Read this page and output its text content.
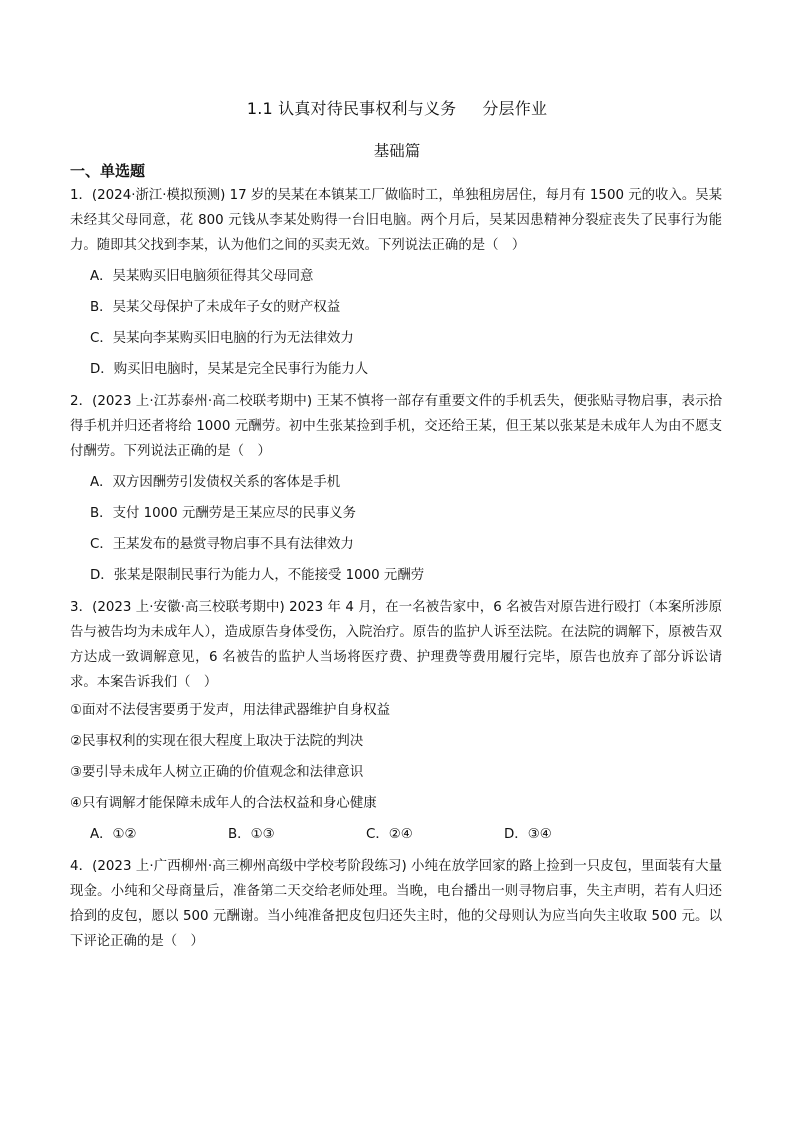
1.1 认真对待民事权利与义务 分层作业
基础篇
一、单选题

1．(2024·浙江·模拟预测) 17 岁的吴某在本镇某工厂做临时工，单独租房居住，每月有 1500 元的收入。吴某未经其父母同意，花 800 元钱从李某处购得一台旧电脑。两个月后，吴某因患精神分裂症丧失了民事行为能力。随即其父找到李某，认为他们之间的买卖无效。下列说法正确的是（　）

A．吴某购买旧电脑须征得其父母同意

B．吴某父母保护了未成年子女的财产权益

C．吴某向李某购买旧电脑的行为无法律效力

D．购买旧电脑时，吴某是完全民事行为能力人

2．(2023 上·江苏泰州·高二校联考期中) 王某不慎将一部存有重要文件的手机丢失，便张贴寻物启事，表示拾得手机并归还者将给 1000 元酬劳。初中生张某捡到手机，交还给王某，但王某以张某是未成年人为由不愿支付酬劳。下列说法正确的是（　）

A．双方因酬劳引发债权关系的客体是手机

B．支付 1000 元酬劳是王某应尽的民事义务

C．王某发布的悬赏寻物启事不具有法律效力

D．张某是限制民事行为能力人，不能接受 1000 元酬劳

3．(2023 上·安徽·高三校联考期中) 2023 年 4 月，在一名被告家中，6 名被告对原告进行殴打（本案所涉原告与被告均为未成年人），造成原告身体受伤，入院治疗。原告的监护人诉至法院。在法院的调解下，原被告双方达成一致调解意见，6 名被告的监护人当场将医疗费、护理费等费用履行完毕，原告也放弃了部分诉讼请求。本案告诉我们（　）

①面对不法侵害要勇于发声，用法律武器维护自身权益

②民事权利的实现在很大程度上取决于法院的判决

③要引导未成年人树立正确的价值观念和法律意识

④只有调解才能保障未成年人的合法权益和身心健康

A．①②	B．①③	C．②④	D．③④

4．(2023 上·广西柳州·高三柳州高级中学校考阶段练习) 小纯在放学回家的路上捡到一只皮包，里面装有大量现金。小纯和父母商量后，准备第二天交给老师处理。当晚，电台播出一则寻物启事，失主声明，若有人归还拾到的皮包，愿以 500 元酬谢。当小纯准备把皮包归还失主时，他的父母则认为应当向失主收取 500 元。以下评论正确的是（　）
